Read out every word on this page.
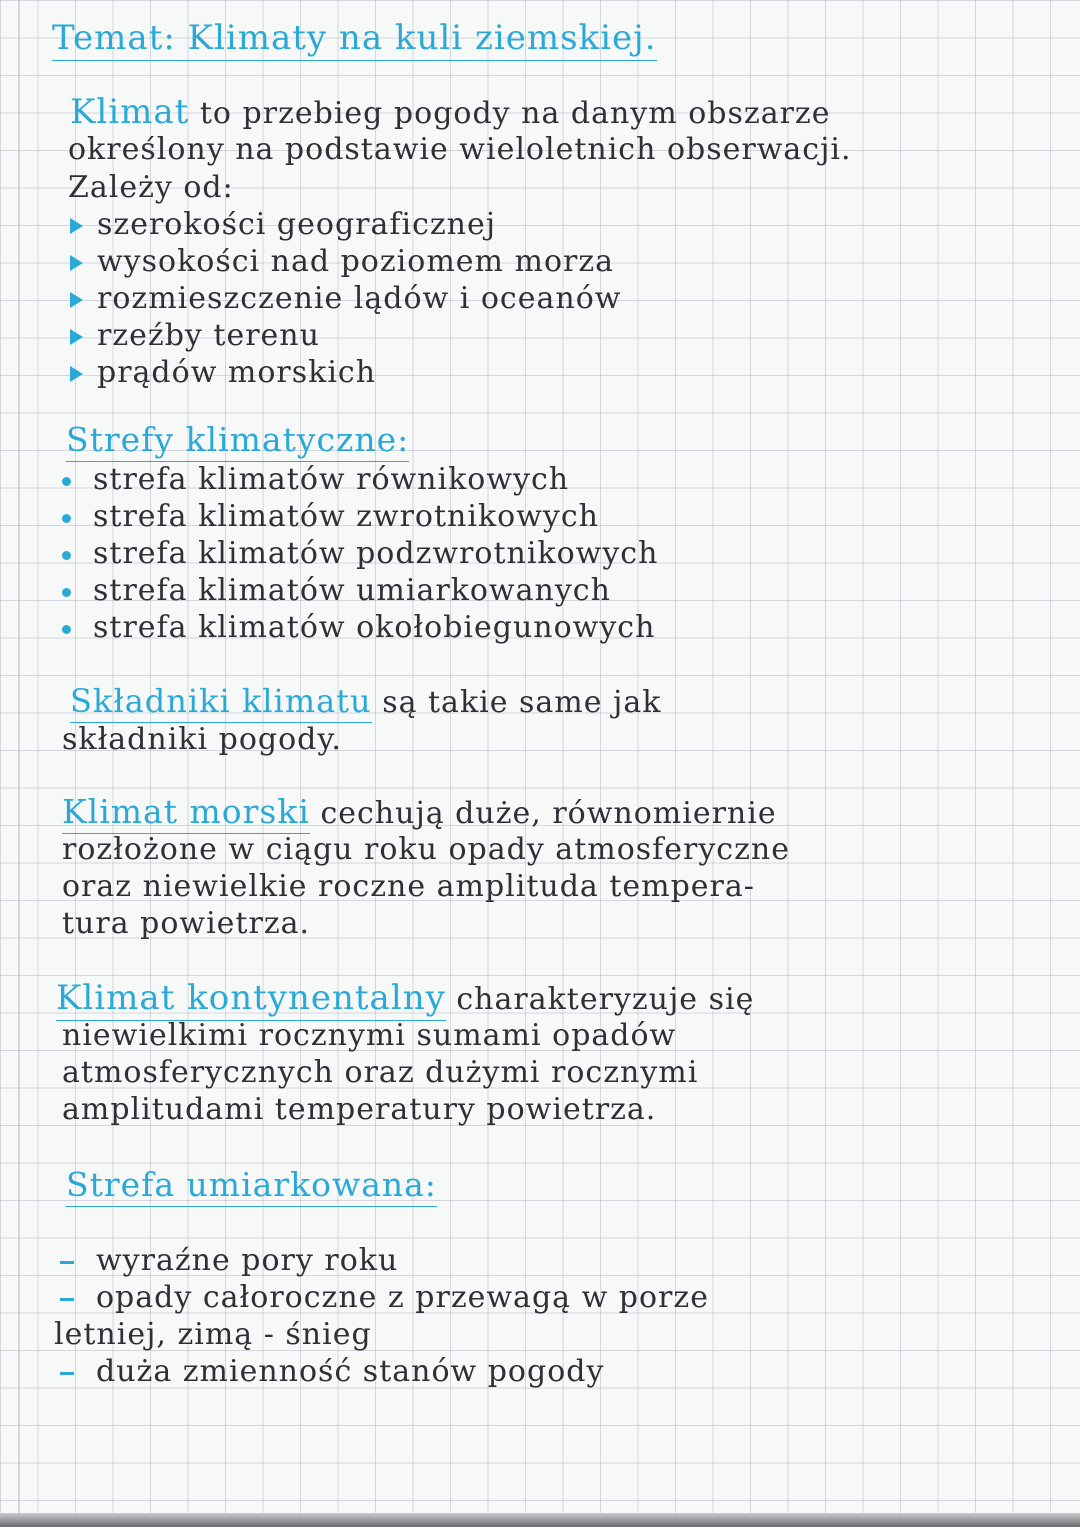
Temat: Klimaty na kuli ziemskiej.
Klimat to przebieg pogody na danym obszarze
określony na podstawie wieloletnich obserwacji.
Zależy od:
szerokości geograficznej
wysokości nad poziomem morza
rozmieszczenie lądów i oceanów
rzeźby terenu
prądów morskich
Strefy klimatyczne:
strefa klimatów równikowych
strefa klimatów zwrotnikowych
strefa klimatów podzwrotnikowych
strefa klimatów umiarkowanych
strefa klimatów okołobiegunowych
Składniki klimatu są takie same jak
składniki pogody.
Klimat morski cechują duże, równomiernie
rozłożone w ciągu roku opady atmosferyczne
oraz niewielkie roczne amplituda tempera-
tura powietrza.
Klimat kontynentalny charakteryzuje się
niewielkimi rocznymi sumami opadów
atmosferycznych oraz dużymi rocznymi
amplitudami temperatury powietrza.
Strefa umiarkowana:
wyraźne pory roku
opady całoroczne z przewagą w porze
letniej, zimą - śnieg
duża zmienność stanów pogody
